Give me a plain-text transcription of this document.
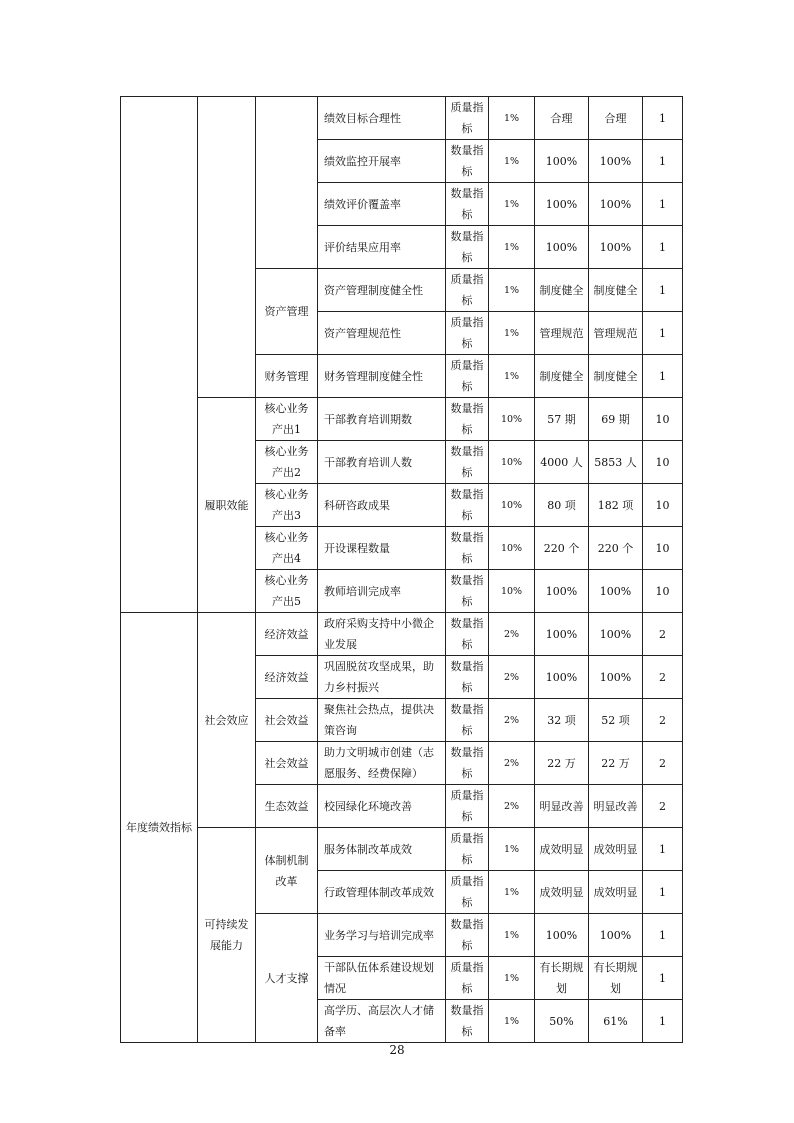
			绩效目标合理性	质量指标	1%	合理	合理	1
			绩效监控开展率	数量指标	1%	100%	100%	1
			绩效评价覆盖率	数量指标	1%	100%	100%	1
			评价结果应用率	数量指标	1%	100%	100%	1
		资产管理	资产管理制度健全性	质量指标	1%	制度健全	制度健全	1
			资产管理规范性	质量指标	1%	管理规范	管理规范	1
		财务管理	财务管理制度健全性	质量指标	1%	制度健全	制度健全	1
	履职效能	核心业务产出1	干部教育培训期数	数量指标	10%	57 期	69 期	10
		核心业务产出2	干部教育培训人数	数量指标	10%	4000 人	5853 人	10
		核心业务产出3	科研咨政成果	数量指标	10%	80 项	182 项	10
		核心业务产出4	开设课程数量	数量指标	10%	220 个	220 个	10
		核心业务产出5	教师培训完成率	数量指标	10%	100%	100%	10
年度绩效指标	社会效应	经济效益	政府采购支持中小微企业发展	数量指标	2%	100%	100%	2
		经济效益	巩固脱贫攻坚成果，助力乡村振兴	数量指标	2%	100%	100%	2
		社会效益	聚焦社会热点，提供决策咨询	数量指标	2%	32 项	52 项	2
		社会效益	助力文明城市创建（志愿服务、经费保障）	数量指标	2%	22 万	22 万	2
		生态效益	校园绿化环境改善	质量指标	2%	明显改善	明显改善	2
	可持续发展能力	体制机制改革	服务体制改革成效	质量指标	1%	成效明显	成效明显	1
			行政管理体制改革成效	质量指标	1%	成效明显	成效明显	1
		人才支撑	业务学习与培训完成率	数量指标	1%	100%	100%	1
			干部队伍体系建设规划情况	质量指标	1%	有长期规划	有长期规划	1
			高学历、高层次人才储备率	数量指标	1%	50%	61%	1
28
